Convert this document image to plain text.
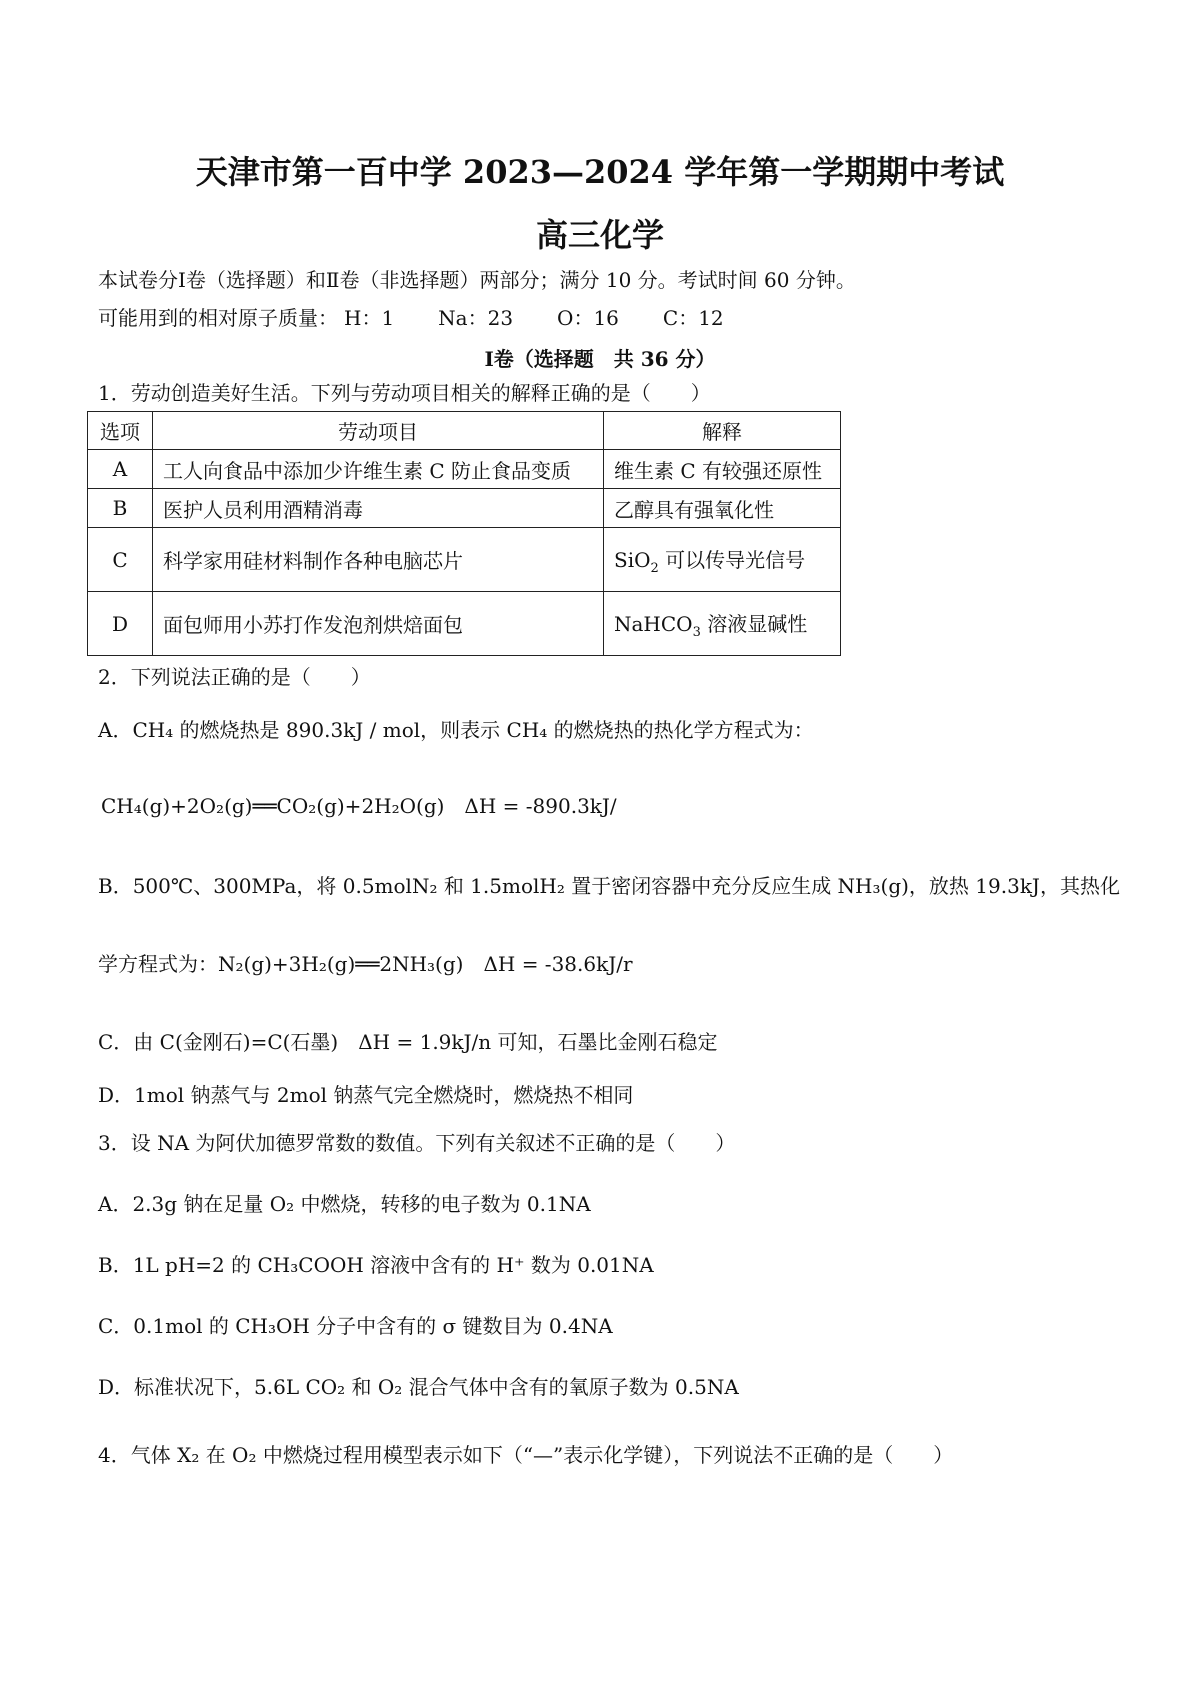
天津市第一百中学 2023—2024 学年第一学期期中考试
高三化学
本试卷分Ⅰ卷（选择题）和Ⅱ卷（非选择题）两部分；满分 10 分。考试时间 60 分钟。
可能用到的相对原子质量： H：1 Na：23 O：16 C：12
Ⅰ卷（选择题　共 36 分）
1．劳动创造美好生活。下列与劳动项目相关的解释正确的是（　　）
选项	劳动项目	解释
A	工人向食品中添加少许维生素 C 防止食品变质	维生素 C 有较强还原性
B	医护人员利用酒精消毒	乙醇具有强氧化性
C	科学家用硅材料制作各种电脑芯片	SiO$_2$ 可以传导光信号
D	面包师用小苏打作发泡剂烘焙面包	NaHCO$_3$ 溶液显碱性
2．下列说法正确的是（　　）
A．CH₄ 的燃烧热是 890.3kJ / mol，则表示 CH₄ 的燃烧热的热化学方程式为：
CH₄(g)+2O₂(g)══CO₂(g)+2H₂O(g)　ΔH = -890.3kJ/
B．500℃、300MPa，将 0.5molN₂ 和 1.5molH₂ 置于密闭容器中充分反应生成 NH₃(g)，放热 19.3kJ，其热化
学方程式为：N₂(g)+3H₂(g)══2NH₃(g)　ΔH = -38.6kJ/r
C．由 C(金刚石)=C(石墨)　ΔH = 1.9kJ/n 可知，石墨比金刚石稳定
D．1mol 钠蒸气与 2mol 钠蒸气完全燃烧时，燃烧热不相同
3．设 NA 为阿伏加德罗常数的数值。下列有关叙述不正确的是（　　）
A．2.3g 钠在足量 O₂ 中燃烧，转移的电子数为 0.1NA
B．1L pH=2 的 CH₃COOH 溶液中含有的 H⁺ 数为 0.01NA
C．0.1mol 的 CH₃OH 分子中含有的 σ 键数目为 0.4NA
D．标准状况下，5.6L CO₂ 和 O₂ 混合气体中含有的氧原子数为 0.5NA
4．气体 X₂ 在 O₂ 中燃烧过程用模型表示如下（“—”表示化学键），下列说法不正确的是（　　）
